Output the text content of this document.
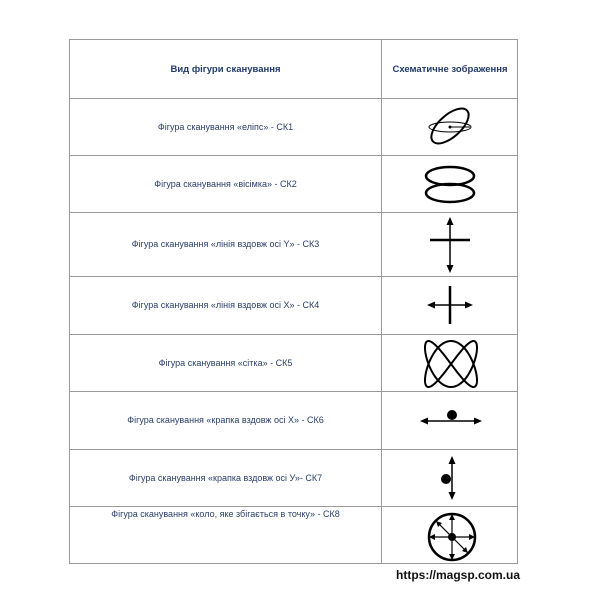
Вид фігури сканування	Схематичне зображення
Фігура сканування «еліпс» - СК1
Фігура сканування «вісімка» - СК2
Фігура сканування «лінія вздовж осі Y» - СК3
Фігура сканування «лінія вздовж осі X» - СК4
Фігура сканування «сітка» - СК5
Фігура сканування «крапка вздовж осі X» - СК6
Фігура сканування «крапка вздовж осі У»- СК7
Фігура сканування «коло, яке збігається в точку» - СК8
https://magsp.com.ua
